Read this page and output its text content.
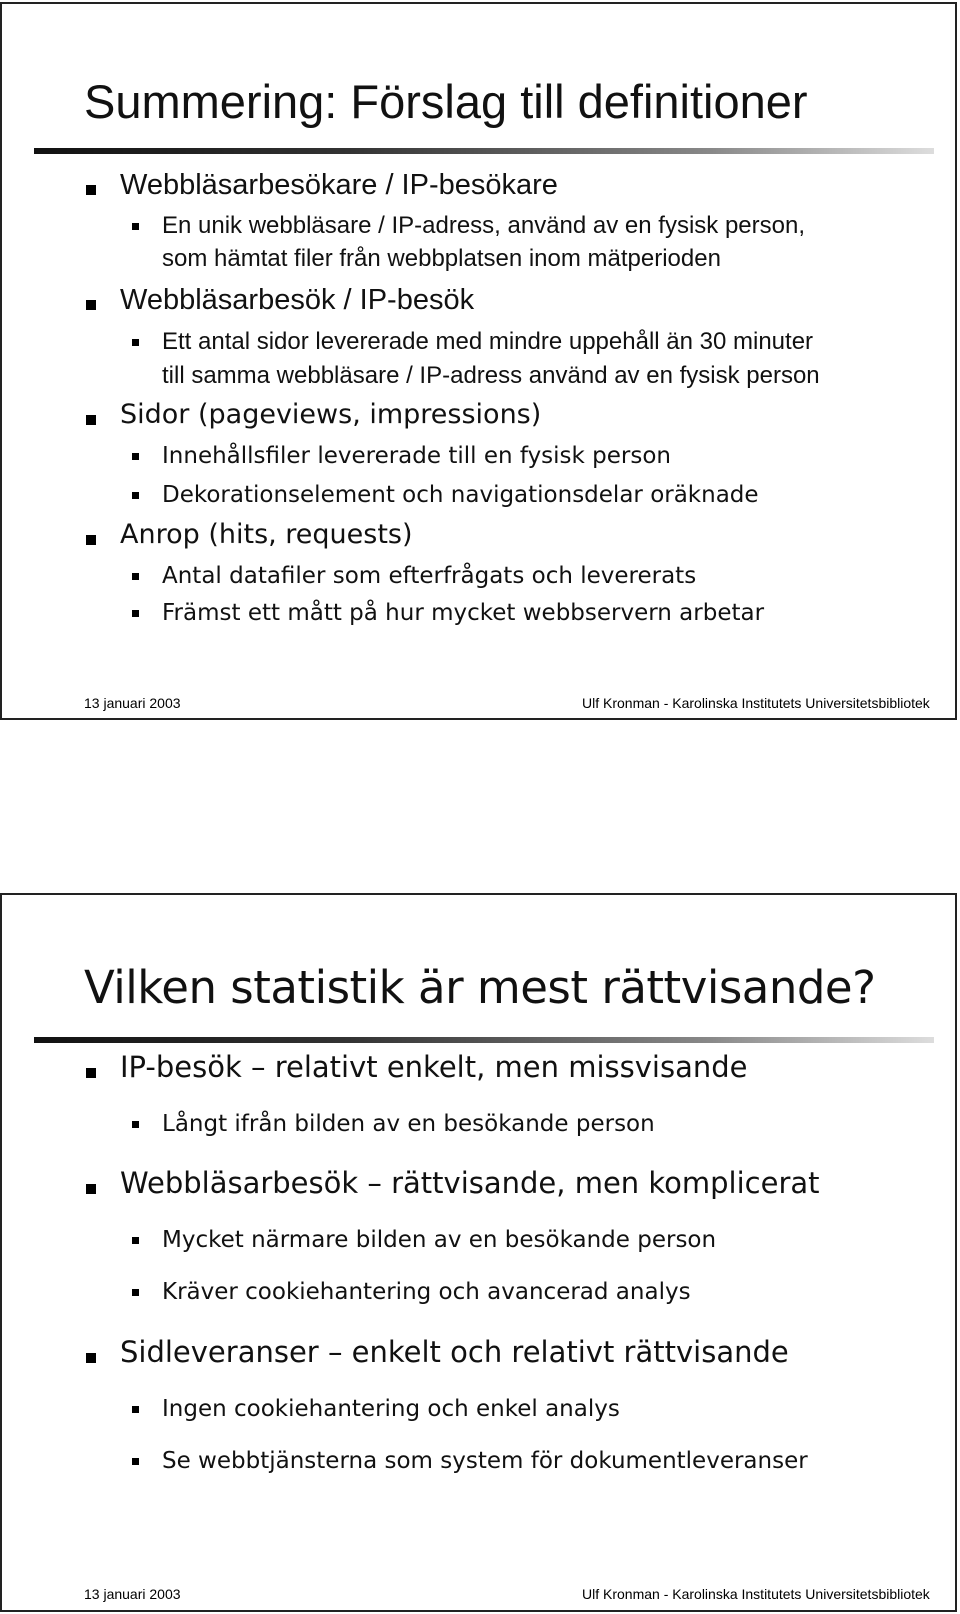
Summering: Förslag till definitioner
Webbläsarbesökare / IP-besökare
En unik webbläsare / IP-adress, använd av en fysisk person,
som hämtat filer från webbplatsen inom mätperioden
Webbläsarbesök / IP-besök
Ett antal sidor levererade med mindre uppehåll än 30 minuter
till samma webbläsare / IP-adress använd av en fysisk person
Sidor (pageviews, impressions)
Innehållsfiler levererade till en fysisk person
Dekorationselement och navigationsdelar oräknade
Anrop (hits, requests)
Antal datafiler som efterfrågats och levererats
Främst ett mått på hur mycket webbservern arbetar
13 januari 2003	Ulf Kronman - Karolinska Institutets Universitetsbibliotek
Vilken statistik är mest rättvisande?
IP-besök – relativt enkelt, men missvisande
Långt ifrån bilden av en besökande person
Webbläsarbesök – rättvisande, men komplicerat
Mycket närmare bilden av en besökande person
Kräver cookiehantering och avancerad analys
Sidleveranser – enkelt och relativt rättvisande
Ingen cookiehantering och enkel analys
Se webbtjänsterna som system för dokumentleveranser
13 januari 2003	Ulf Kronman - Karolinska Institutets Universitetsbibliotek
